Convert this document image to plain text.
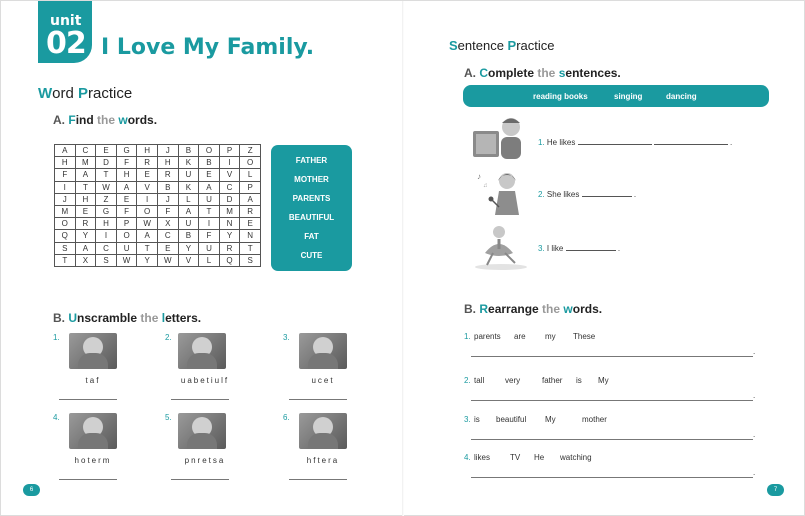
unit
02 I Love My Family.
Word Practice
A. Find the words.
A	C	E	G	H	J	B	O	P	Z
H	M	D	F	R	H	K	B	I	O
F	A	T	H	E	R	U	E	V	L
I	T	W	A	V	B	K	A	C	P
J	H	Z	E	I	J	L	U	D	A
M	E	G	F	O	F	A	T	M	R
O	R	H	P	W	X	U	I	N	E
Q	Y	I	O	A	C	B	F	Y	N
S	A	C	U	T	E	Y	U	R	T
T	X	S	W	Y	W	V	L	Q	S
FATHER
MOTHER
PARENTS
BEAUTIFUL
FAT
CUTE
B. Unscramble the letters.
1.
taf
2.
uabetiulf
3.
ucet
4.
hoterm
5.
pnretsa
6.
hftera
6
Sentence Practice
A. Complete the sentences.
reading books	singing	dancing
♪
♫
1. He likes	.
2. She likes	.
3. I like	.
B. Rearrange the words.
1. parents are my These
.
2. tall	very	father is My
.
3. is beautiful My	mother
.
4. likes TV He watching
.
7
